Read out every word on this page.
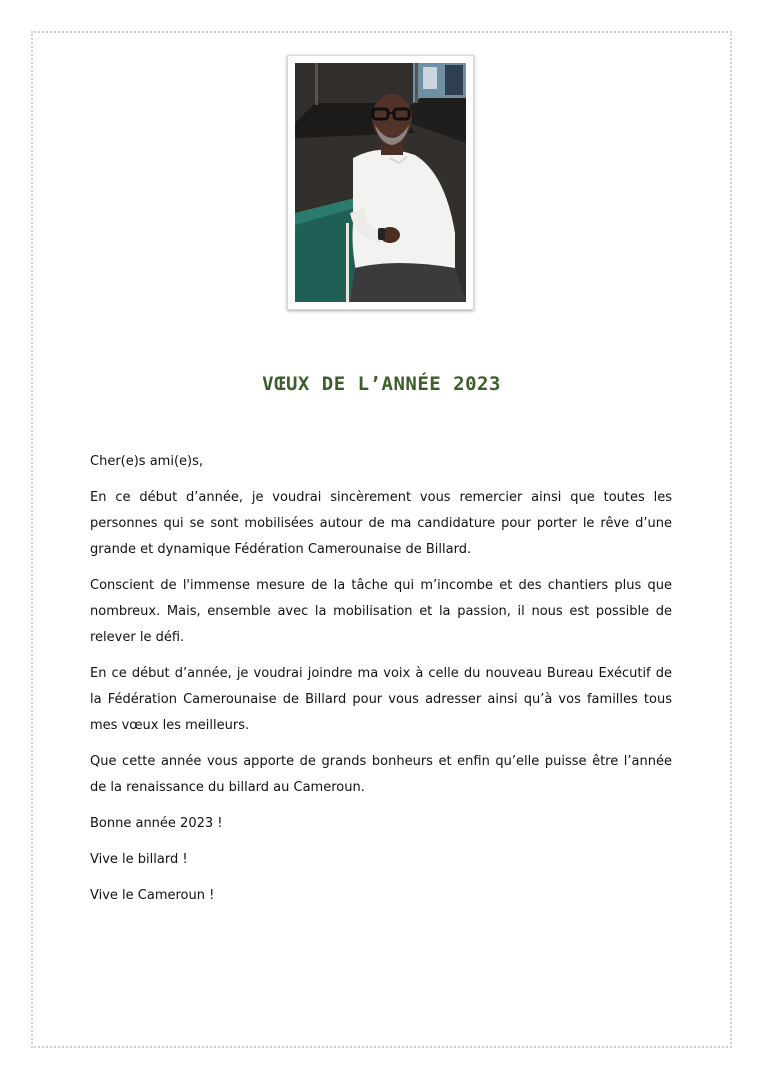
VŒUX DE L’ANNÉE 2023

Cher(e)s ami(e)s,

En ce début d’année, je voudrai sincèrement vous remercier ainsi que toutes les personnes qui se sont mobilisées autour de ma candidature pour porter le rêve d’une grande et dynamique Fédération Camerounaise de Billard.

Conscient de l'immense mesure de la tâche qui m’incombe et des chantiers plus que nombreux. Mais, ensemble avec la mobilisation et la passion, il nous est possible de relever le défi.

En ce début d’année, je voudrai joindre ma voix à celle du nouveau Bureau Exécutif de la Fédération Camerounaise de Billard pour vous adresser ainsi qu’à vos familles tous mes vœux les meilleurs.

Que cette année vous apporte de grands bonheurs et enfin qu’elle puisse être l’année de la renaissance du billard au Cameroun.

Bonne année 2023 !

Vive le billard !

Vive le Cameroun !
